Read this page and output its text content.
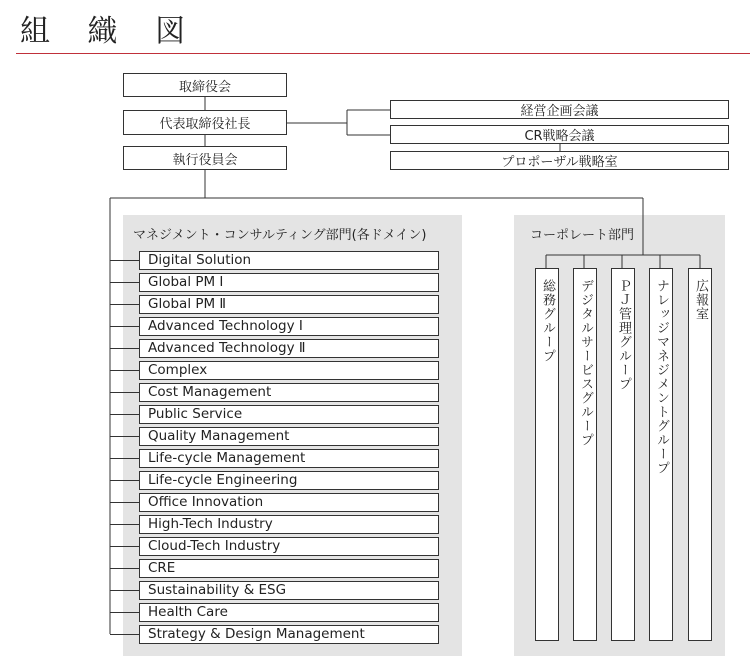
組 織 図
取締役会
代表取締役社長
執行役員会
経営企画会議
CR戦略会議
プロポーザル戦略室
マネジメント・コンサルティング部門(各ドメイン)	コーポレート部門
Digital Solution
Global PM Ⅰ
Global PM Ⅱ
Advanced Technology Ⅰ
Advanced Technology Ⅱ
Complex
Cost Management
Public Service
Quality Management
Life-cycle Management
Life-cycle Engineering
Office Innovation
High-Tech Industry
Cloud-Tech Industry
CRE
Sustainability & ESG
Health Care
Strategy & Design Management
総務グループ	デジタルサービスグループ	ＰＪ管理グループ	ナレッジマネジメントグループ	広報室
